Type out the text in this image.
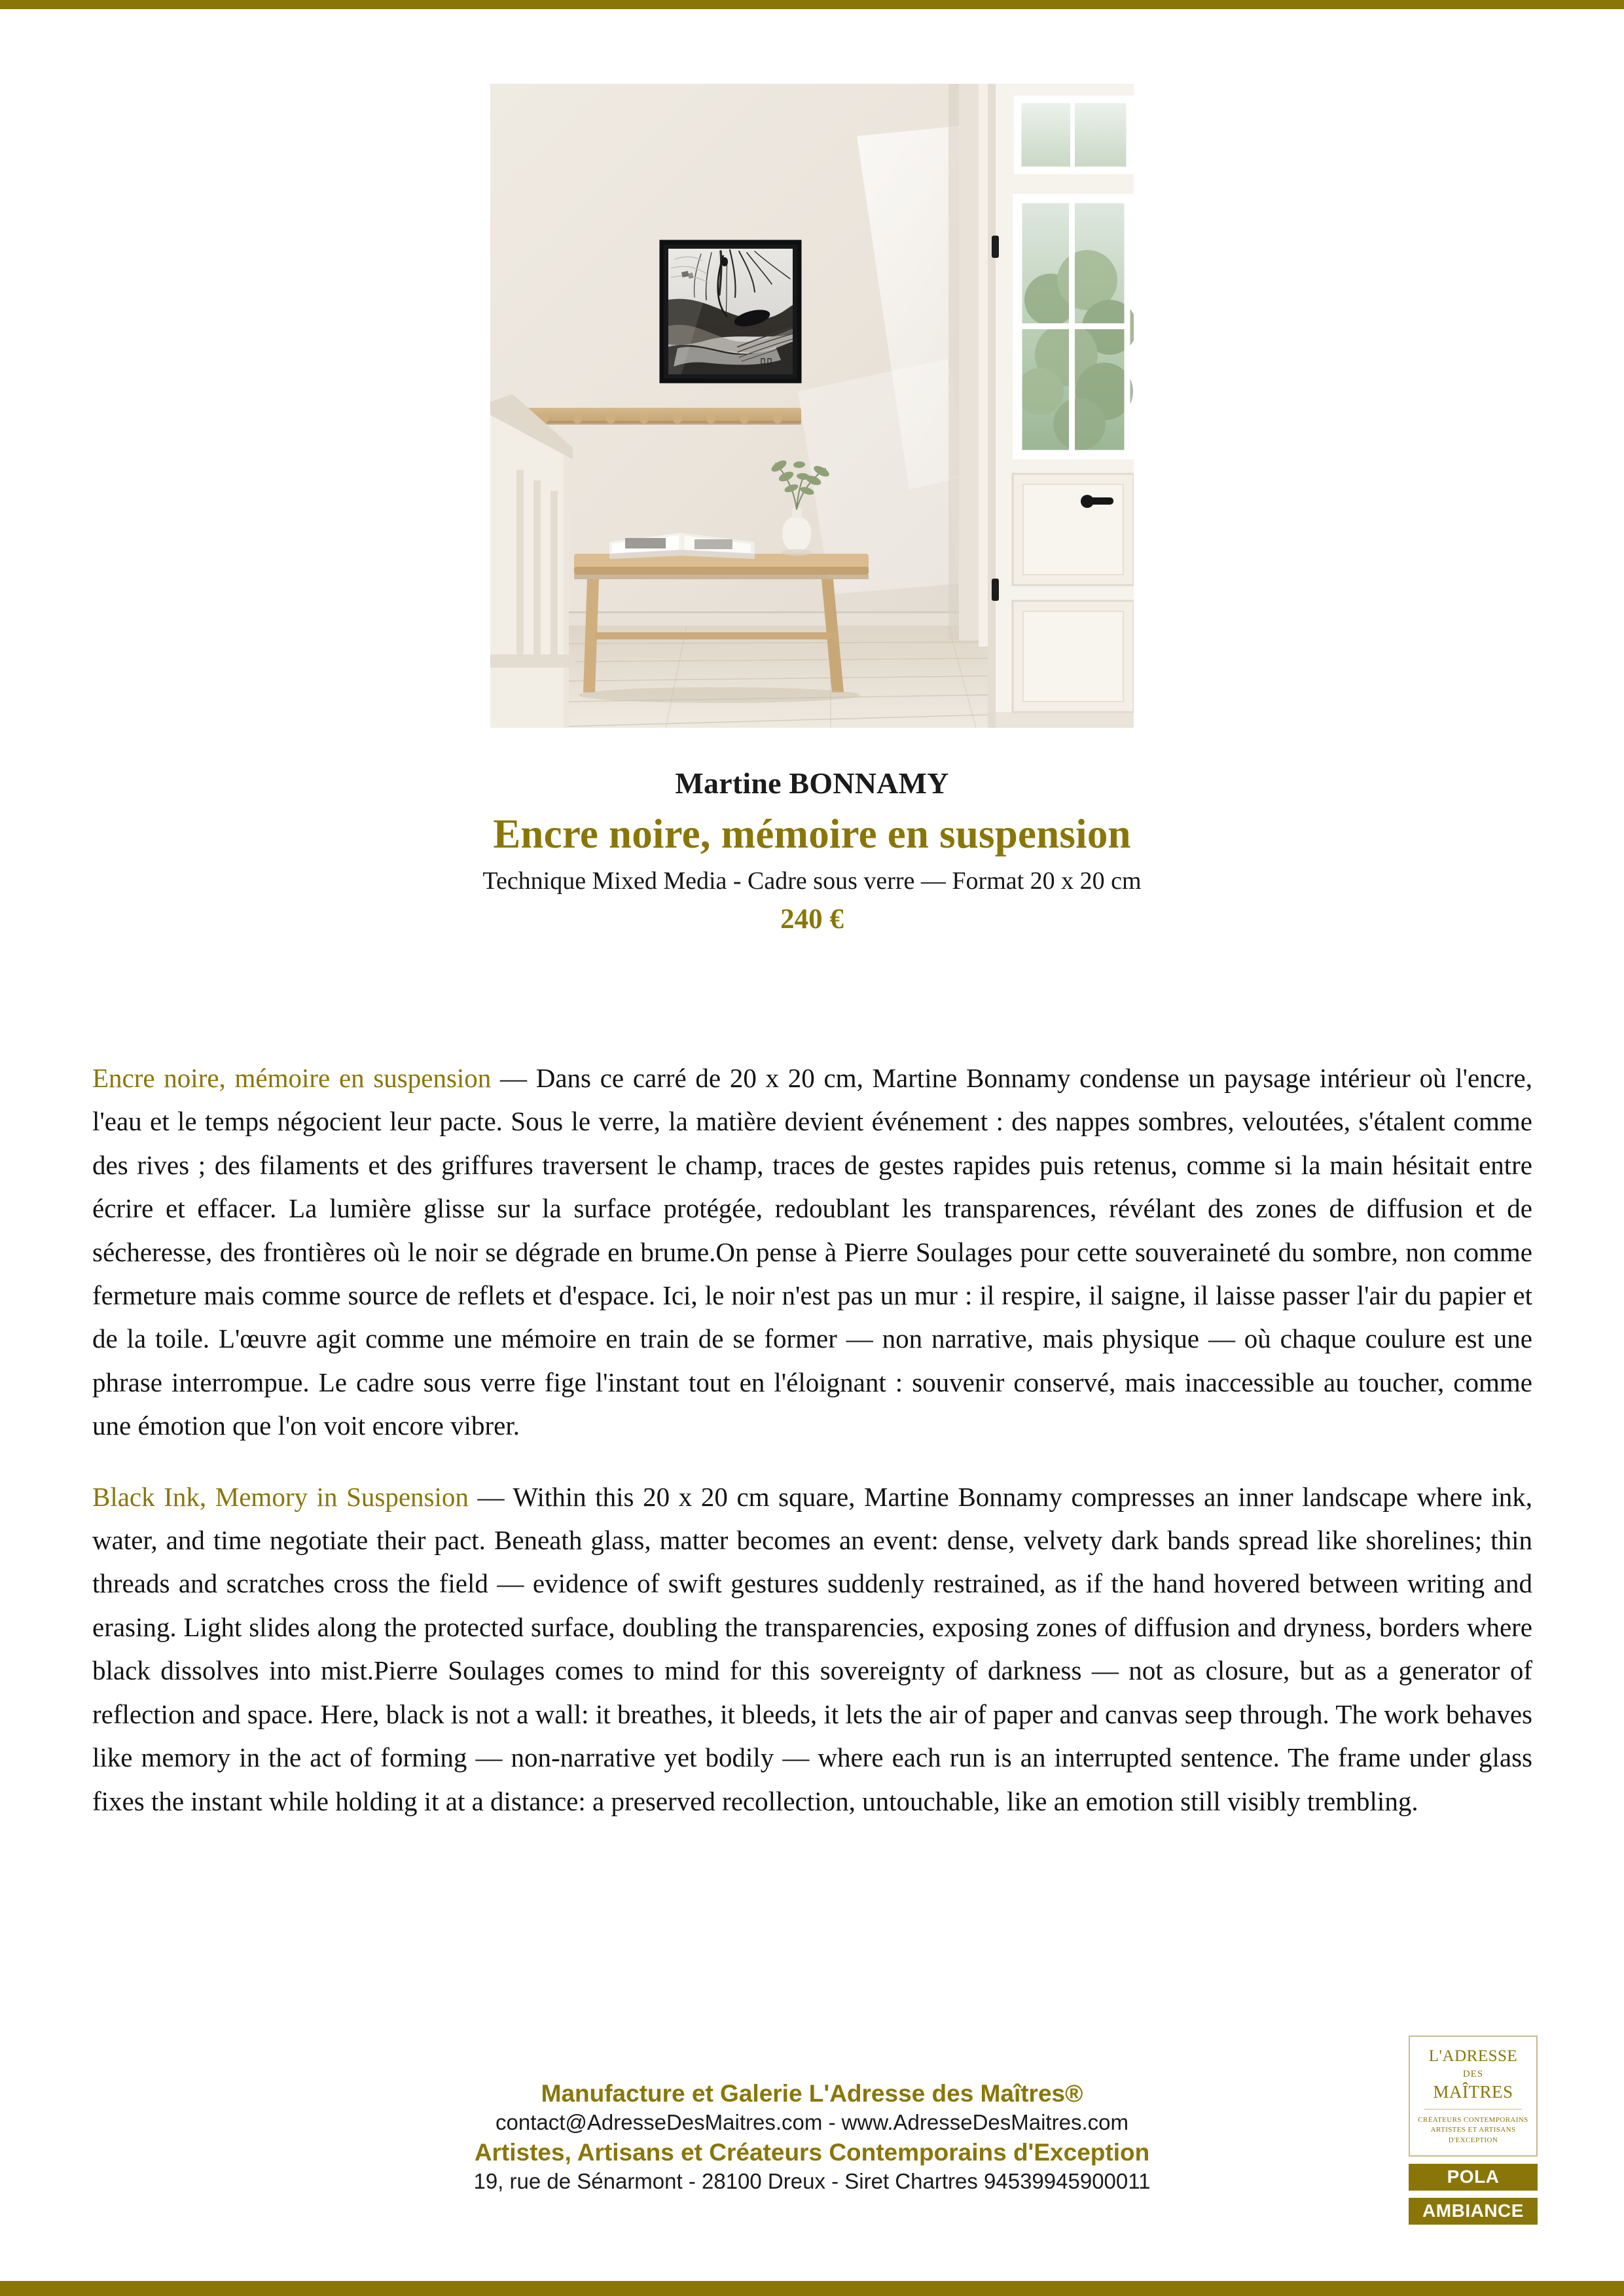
Martine BONNAMY
Encre noire, mémoire en suspension
Technique Mixed Media - Cadre sous verre — Format 20 x 20 cm
240 €

Encre noire, mémoire en suspension — Dans ce carré de 20 x 20 cm, Martine Bonnamy condense un paysage intérieur où l'encre, l'eau et le temps négocient leur pacte. Sous le verre, la matière devient événement : des nappes sombres, veloutées, s'étalent comme des rives ; des filaments et des griffures traversent le champ, traces de gestes rapides puis retenus, comme si la main hésitait entre écrire et effacer. La lumière glisse sur la surface protégée, redoublant les transparences, révélant des zones de diffusion et de sécheresse, des frontières où le noir se dégrade en brume.On pense à Pierre Soulages pour cette souveraineté du sombre, non comme fermeture mais comme source de reflets et d'espace. Ici, le noir n'est pas un mur : il respire, il saigne, il laisse passer l'air du papier et de la toile. L'œuvre agit comme une mémoire en train de se former — non narrative, mais physique — où chaque coulure est une phrase interrompue. Le cadre sous verre fige l'instant tout en l'éloignant : souvenir conservé, mais inaccessible au toucher, comme une émotion que l'on voit encore vibrer.

Black Ink, Memory in Suspension — Within this 20 x 20 cm square, Martine Bonnamy compresses an inner landscape where ink, water, and time negotiate their pact. Beneath glass, matter becomes an event: dense, velvety dark bands spread like shorelines; thin threads and scratches cross the field — evidence of swift gestures suddenly restrained, as if the hand hovered between writing and erasing. Light slides along the protected surface, doubling the transparencies, exposing zones of diffusion and dryness, borders where black dissolves into mist.Pierre Soulages comes to mind for this sovereignty of darkness — not as closure, but as a generator of reflection and space. Here, black is not a wall: it breathes, it bleeds, it lets the air of paper and canvas seep through. The work behaves like memory in the act of forming — non-narrative yet bodily — where each run is an interrupted sentence. The frame under glass fixes the instant while holding it at a distance: a preserved recollection, untouchable, like an emotion still visibly trembling.

Manufacture et Galerie L'Adresse des Maîtres®

contact@AdresseDesMaitres.com - www.AdresseDesMaitres.com

Artistes, Artisans et Créateurs Contemporains d'Exception

19, rue de Sénarmont - 28100 Dreux - Siret Chartres 94539945900011

L'ADRESSE
DES
MAÎTRES
CRÉATEURS CONTEMPORAINS
ARTISTES ET ARTISANS
D'EXCEPTION
POLA
AMBIANCE
